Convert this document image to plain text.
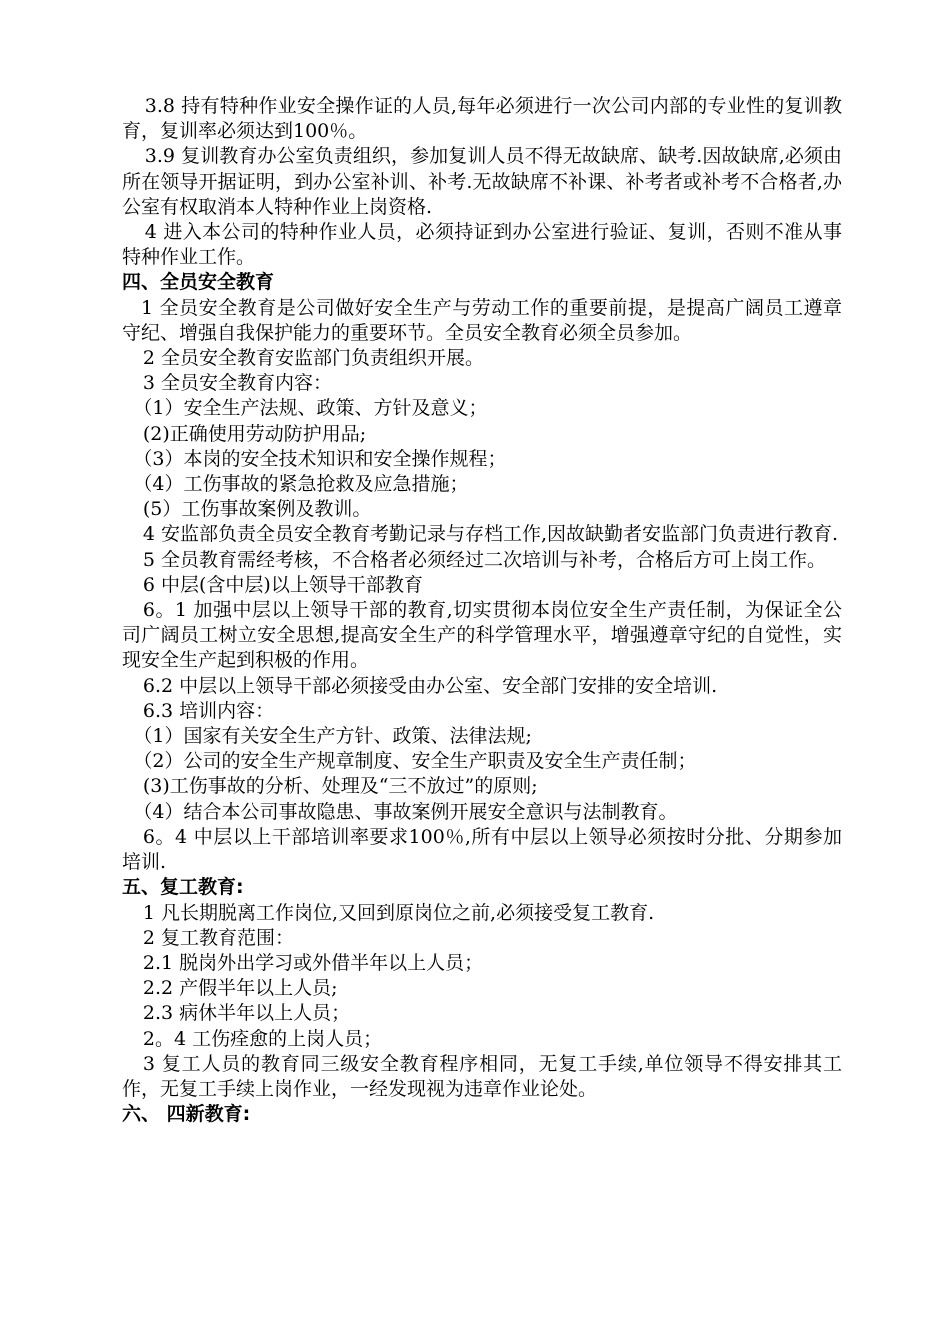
3.8 持有特种作业安全操作证的人员,每年必须进行一次公司内部的专业性的复训教育，复训率必须达到100％。

3.9 复训教育办公室负责组织，参加复训人员不得无故缺席、缺考.因故缺席,必须由所在领导开据证明，到办公室补训、补考.无故缺席不补课、补考者或补考不合格者,办公室有权取消本人特种作业上岗资格.

4 进入本公司的特种作业人员，必须持证到办公室进行验证、复训，否则不准从事特种作业工作。

四、全员安全教育

1 全员安全教育是公司做好安全生产与劳动工作的重要前提，是提高广阔员工遵章守纪、增强自我保护能力的重要环节。全员安全教育必须全员参加。

2 全员安全教育安监部门负责组织开展。

3 全员安全教育内容：

（1）安全生产法规、政策、方针及意义；

(2)正确使用劳动防护用品;

（3）本岗的安全技术知识和安全操作规程；

（4）工伤事故的紧急抢救及应急措施；

(5）工伤事故案例及教训。

4 安监部负责全员安全教育考勤记录与存档工作,因故缺勤者安监部门负责进行教育.

5 全员教育需经考核，不合格者必须经过二次培训与补考，合格后方可上岗工作。

6 中层(含中层)以上领导干部教育

6。1 加强中层以上领导干部的教育,切实贯彻本岗位安全生产责任制，为保证全公司广阔员工树立安全思想,提高安全生产的科学管理水平，增强遵章守纪的自觉性，实现安全生产起到积极的作用。

6.2 中层以上领导干部必须接受由办公室、安全部门安排的安全培训.

6.3 培训内容：

（1）国家有关安全生产方针、政策、法律法规;

（2）公司的安全生产规章制度、安全生产职责及安全生产责任制；

(3)工伤事故的分析、处理及“三不放过”的原则;

（4）结合本公司事故隐患、事故案例开展安全意识与法制教育。

6。4 中层以上干部培训率要求100％,所有中层以上领导必须按时分批、分期参加培训.

五、复工教育:

1 凡长期脱离工作岗位,又回到原岗位之前,必须接受复工教育.

2 复工教育范围：

2.1 脱岗外出学习或外借半年以上人员；

2.2 产假半年以上人员;

2.3 病休半年以上人员；

2。4 工伤痊愈的上岗人员；

3 复工人员的教育同三级安全教育程序相同，无复工手续,单位领导不得安排其工作，无复工手续上岗作业，一经发现视为违章作业论处。

六、 四新教育:
